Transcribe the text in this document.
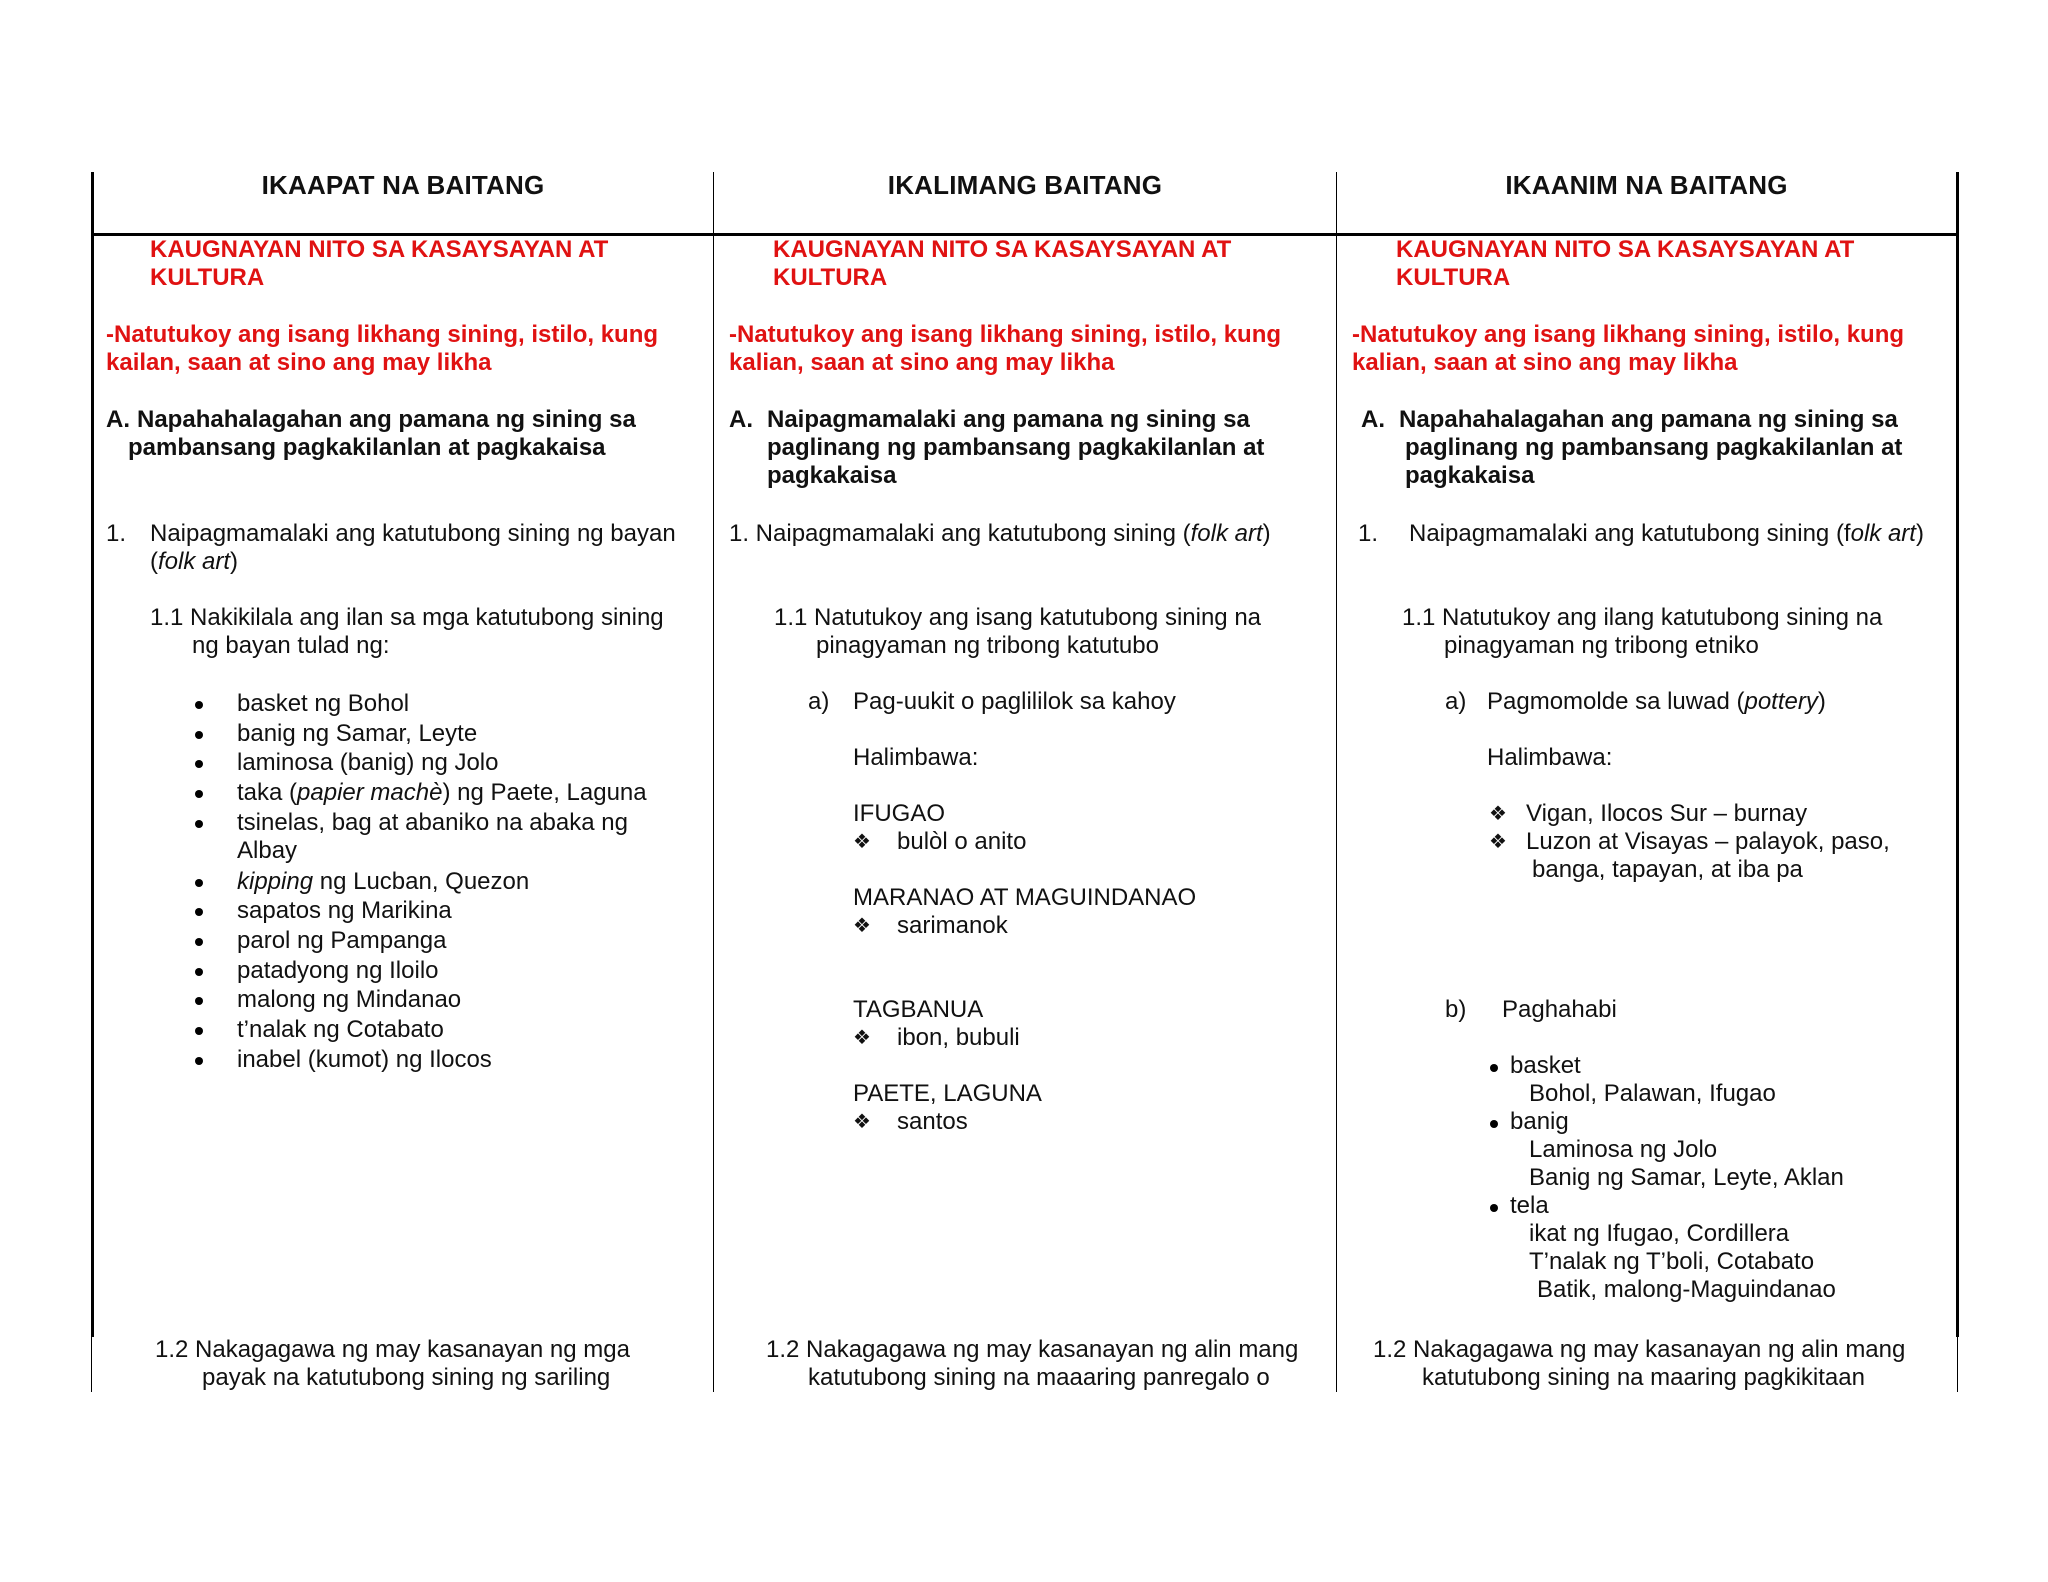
IKAAPAT NA BAITANG	IKALIMANG BAITANG	IKAANIM NA BAITANG
KAUGNAYAN NITO SA KASAYSAYAN AT
KULTURA
-Natutukoy ang isang likhang sining, istilo, kung
kailan, saan at sino ang may likha
A. Napahahalagahan ang pamana ng sining sa
pambansang pagkakilanlan at pagkakaisa
1. Naipagmamalaki ang katutubong sining ng bayan
(folk art)
1.1 Nakikilala ang ilan sa mga katutubong sining
ng bayan tulad ng:
basket ng Bohol
banig ng Samar, Leyte
laminosa (banig) ng Jolo
taka (papier machè) ng Paete, Laguna
tsinelas, bag at abaniko na abaka ng
Albay
kipping ng Lucban, Quezon
sapatos ng Marikina
parol ng Pampanga
patadyong ng Iloilo
malong ng Mindanao
t’nalak ng Cotabato
inabel (kumot) ng Ilocos
1.2 Nakagagawa ng may kasanayan ng mga
payak na katutubong sining ng sariling
KAUGNAYAN NITO SA KASAYSAYAN AT
KULTURA
-Natutukoy ang isang likhang sining, istilo, kung
kalian, saan at sino ang may likha
A. Naipagmamalaki ang pamana ng sining sa
paglinang ng pambansang pagkakilanlan at
pagkakaisa
1. Naipagmamalaki ang katutubong sining (folk art)
1.1 Natutukoy ang isang katutubong sining na
pinagyaman ng tribong katutubo
a) Pag-uukit o paglililok sa kahoy
Halimbawa:
IFUGAO
❖ bulòl o anito
MARANAO AT MAGUINDANAO
❖ sarimanok
TAGBANUA
❖ ibon, bubuli
PAETE, LAGUNA
❖ santos
1.2 Nakagagawa ng may kasanayan ng alin mang
katutubong sining na maaaring panregalo o
KAUGNAYAN NITO SA KASAYSAYAN AT
KULTURA
-Natutukoy ang isang likhang sining, istilo, kung
kalian, saan at sino ang may likha
A. Napahahalagahan ang pamana ng sining sa
paglinang ng pambansang pagkakilanlan at
pagkakaisa
1. Naipagmamalaki ang katutubong sining (folk art)
1.1 Natutukoy ang ilang katutubong sining na
pinagyaman ng tribong etniko
a) Pagmomolde sa luwad (pottery)
Halimbawa:
❖ Vigan, Ilocos Sur – burnay
❖ Luzon at Visayas – palayok, paso,
banga, tapayan, at iba pa
b) Paghahabi
basket
Bohol, Palawan, Ifugao
banig
Laminosa ng Jolo
Banig ng Samar, Leyte, Aklan
tela
ikat ng Ifugao, Cordillera
T’nalak ng T’boli, Cotabato
Batik, malong-Maguindanao
1.2 Nakagagawa ng may kasanayan ng alin mang
katutubong sining na maaring pagkikitaan
